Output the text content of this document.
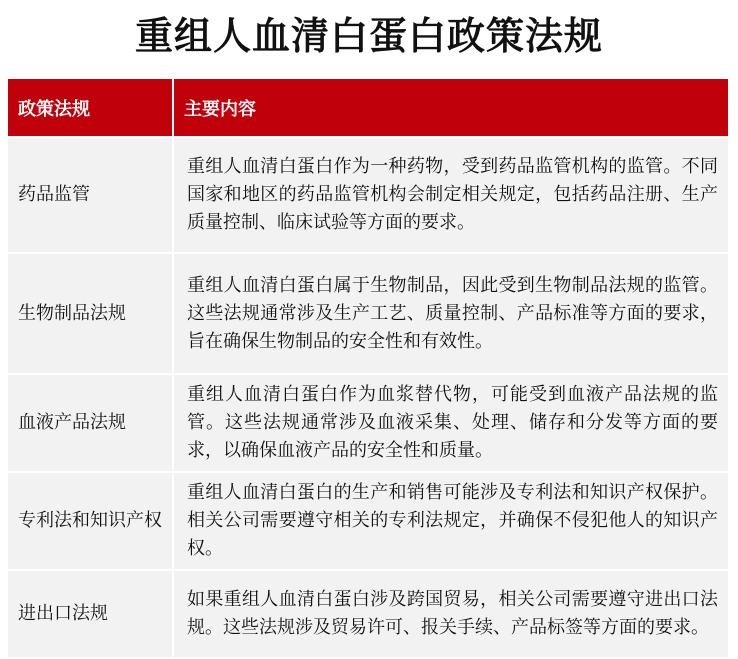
重组人血清白蛋白政策法规
政策法规	主要内容
药品监管	重组人血清白蛋白作为一种药物，受到药品监管机构的监管。不同国家和地区的药品监管机构会制定相关规定，包括药品注册、生产质量控制、临床试验等方面的要求。

生物制品法规	重组人血清白蛋白属于生物制品，因此受到生物制品法规的监管。这些法规通常涉及生产工艺、质量控制、产品标准等方面的要求，旨在确保生物制品的安全性和有效性。

血液产品法规	重组人血清白蛋白作为血浆替代物，可能受到血液产品法规的监管。这些法规通常涉及血液采集、处理、储存和分发等方面的要求，以确保血液产品的安全性和质量。

专利法和知识产权	重组人血清白蛋白的生产和销售可能涉及专利法和知识产权保护。相关公司需要遵守相关的专利法规定，并确保不侵犯他人的知识产权。

进出口法规	如果重组人血清白蛋白涉及跨国贸易，相关公司需要遵守进出口法规。这些法规涉及贸易许可、报关手续、产品标签等方面的要求。
